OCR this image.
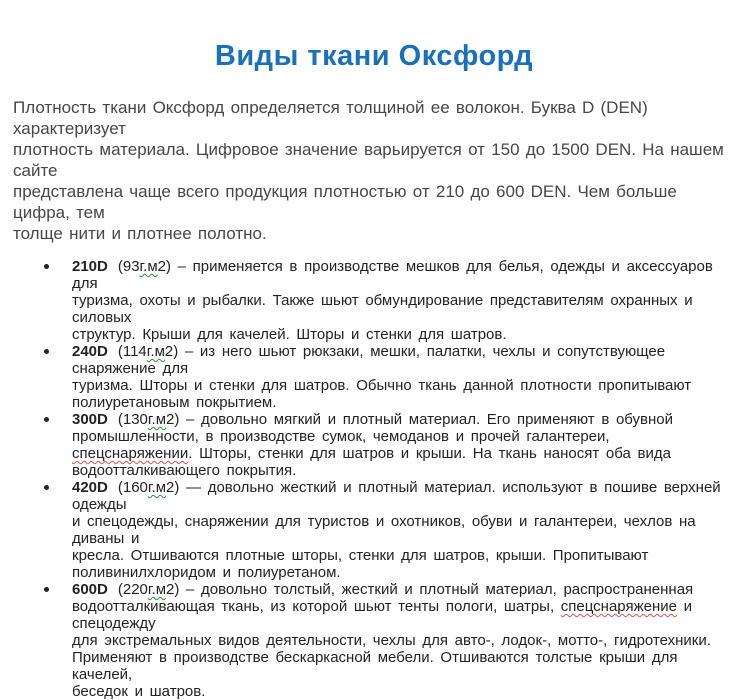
Виды ткани Оксфорд

Плотность ткани Оксфорд определяется толщиной ее волокон. Буква D (DEN) характеризует
плотность материала. Цифровое значение варьируется от 150 до 1500 DEN. На нашем сайте
представлена чаще всего продукция плотностью от 210 до 600 DEN. Чем больше цифра, тем
толще нити и плотнее полотно.

210D (93г.м2) – применяется в производстве мешков для белья, одежды и аксессуаров для
туризма, охоты и рыбалки. Также шьют обмундирование представителям охранных и силовых
структур. Крыши для качелей. Шторы и стенки для шатров.
240D (114г.м2) – из него шьют рюкзаки, мешки, палатки, чехлы и сопутствующее снаряжение для
туризма. Шторы и стенки для шатров. Обычно ткань данной плотности пропитывают
полиуретановым покрытием.
300D (130г.м2) – довольно мягкий и плотный материал. Его применяют в обувной
промышленности, в производстве сумок, чемоданов и прочей галантереи,
спецснаряжении. Шторы, стенки для шатров и крыши. На ткань наносят оба вида
водоотталкивающего покрытия.
420D (160г.м2) — довольно жесткий и плотный материал. используют в пошиве верхней одежды
и спецодежды, снаряжении для туристов и охотников, обуви и галантереи, чехлов на диваны и
кресла. Отшиваются плотные шторы, стенки для шатров, крыши. Пропитывают
поливинилхлоридом и полиуретаном.
600D (220г.м2) – довольно толстый, жесткий и плотный материал, распространенная
водоотталкивающая ткань, из которой шьют тенты пологи, шатры, спецснаряжение и спецодежду
для экстремальных видов деятельности, чехлы для авто-, лодок-, мотто-, гидротехники.
Применяют в производстве бескаркасной мебели. Отшиваются толстые крыши для качелей,
беседок и шатров.
